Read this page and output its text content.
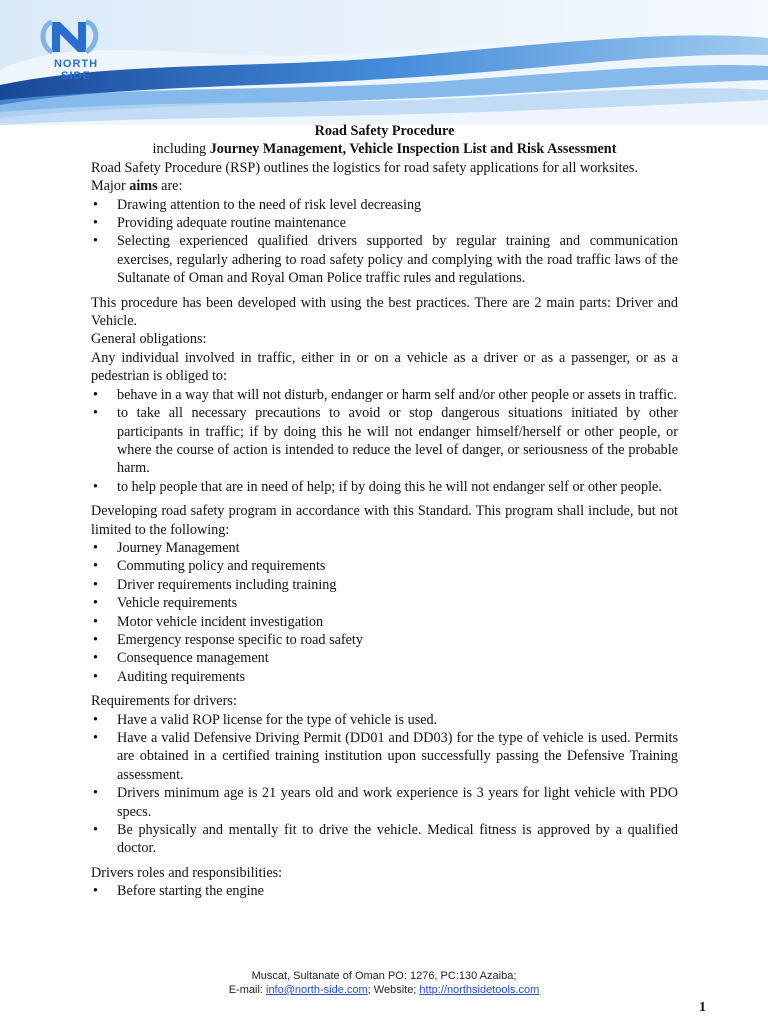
NORTH
SIDE
Road Safety Procedure
including Journey Management, Vehicle Inspection List and Risk Assessment

Road Safety Procedure (RSP) outlines the logistics for road safety applications for all worksites.

Major aims are:

• Drawing attention to the need of risk level decreasing
• Providing adequate routine maintenance
• Selecting experienced qualified drivers supported by regular training and communication exercises, regularly adhering to road safety policy and complying with the road traffic laws of the Sultanate of Oman and Royal Oman Police traffic rules and regulations.

This procedure has been developed with using the best practices. There are 2 main parts: Driver and Vehicle.

General obligations:

Any individual involved in traffic, either in or on a vehicle as a driver or as a passenger, or as a pedestrian is obliged to:

• behave in a way that will not disturb, endanger or harm self and/or other people or assets in traffic.
• to take all necessary precautions to avoid or stop dangerous situations initiated by other participants in traffic; if by doing this he will not endanger himself/herself or other people, or where the course of action is intended to reduce the level of danger, or seriousness of the probable harm.
• to help people that are in need of help; if by doing this he will not endanger self or other people.

Developing road safety program in accordance with this Standard. This program shall include, but not limited to the following:

• Journey Management
• Commuting policy and requirements
• Driver requirements including training
• Vehicle requirements
• Motor vehicle incident investigation
• Emergency response specific to road safety
• Consequence management
• Auditing requirements

Requirements for drivers:

• Have a valid ROP license for the type of vehicle is used.
• Have a valid Defensive Driving Permit (DD01 and DD03) for the type of vehicle is used. Permits are obtained in a certified training institution upon successfully passing the Defensive Training assessment.
• Drivers minimum age is 21 years old and work experience is 3 years for light vehicle with PDO specs.
• Be physically and mentally fit to drive the vehicle. Medical fitness is approved by a qualified doctor.

Drivers roles and responsibilities:

• Before starting the engine
Muscat, Sultanate of Oman PO: 1276, PC:130 Azaiba;
E-mail: info@north-side.com; Website; http://northsidetools.com
1
